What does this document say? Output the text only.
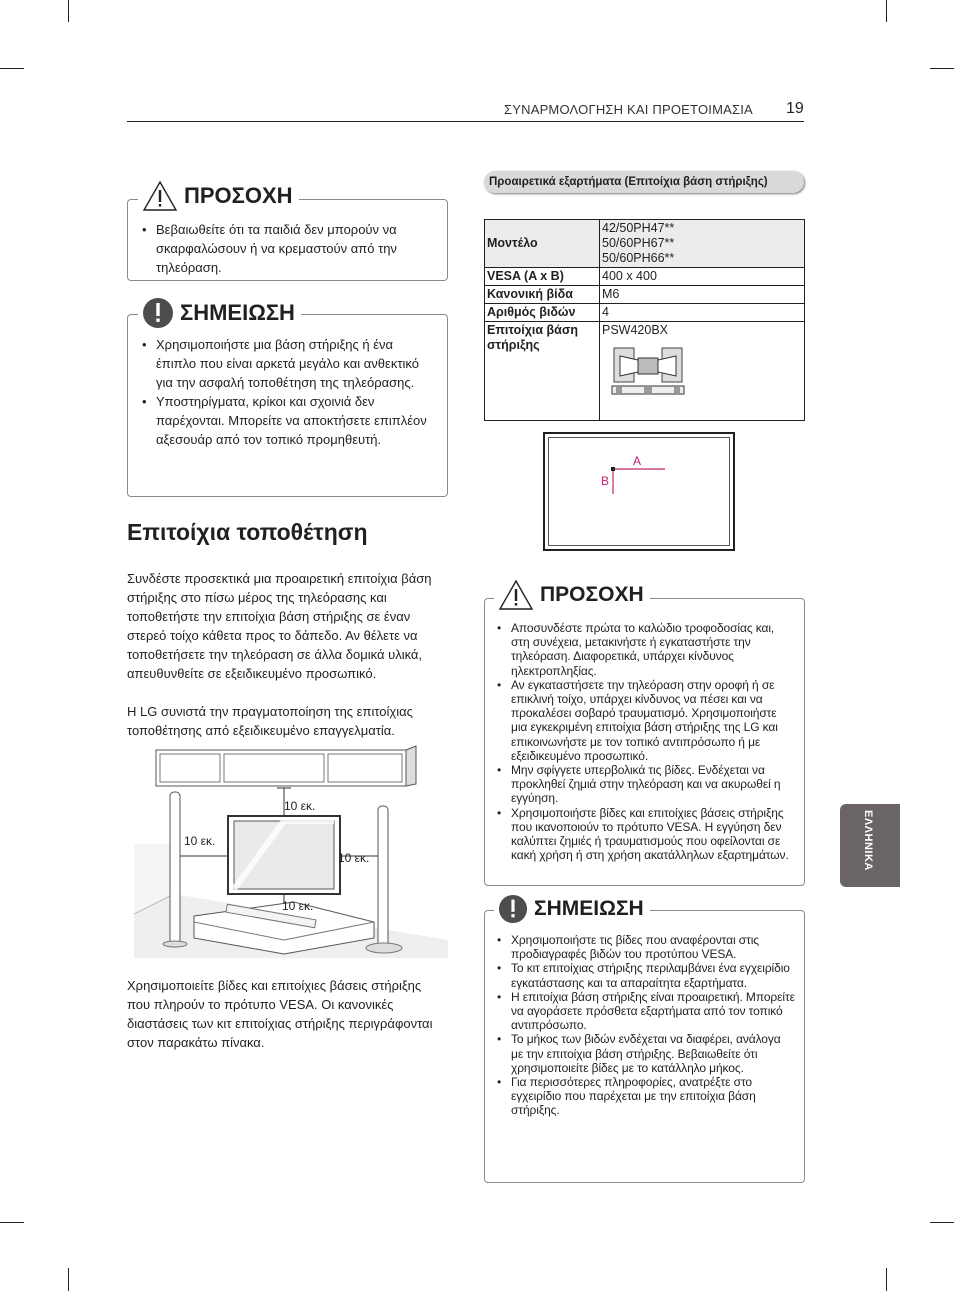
ΣΥΝΑΡΜΟΛΟΓΗΣΗ ΚΑΙ ΠΡΟΕΤΟΙΜΑΣΙΑ 19
• Βεβαιωθείτε ότι τα παιδιά δεν μπορούν να σκαρφαλώσουν ή να κρεμαστούν από την τηλεόραση.
ΠΡΟΣΟΧΗ
• Χρησιμοποιήστε μια βάση στήριξης ή ένα έπιπλο που είναι αρκετά μεγάλο και ανθεκτικό για την ασφαλή τοποθέτηση της τηλεόρασης.
• Υποστηρίγματα, κρίκοι και σχοινιά δεν παρέχονται. Μπορείτε να αποκτήσετε επιπλέον αξεσουάρ από τον τοπικό προμηθευτή.
ΣΗΜΕΙΩΣΗ
Επιτοίχια τοποθέτηση
Συνδέστε προσεκτικά μια προαιρετική επιτοίχια βάση στήριξης στο πίσω μέρος της τηλεόρασης και τοποθετήστε την επιτοίχια βάση στήριξης σε έναν στερεό τοίχο κάθετα προς το δάπεδο. Αν θέλετε να τοποθετήσετε την τηλεόραση σε άλλα δομικά υλικά, απευθυνθείτε σε εξειδικευμένο προσωπικό.
Η LG συνιστά την πραγματοποίηση της επιτοίχιας τοποθέτησης από εξειδικευμένο επαγγελματία.
10 εκ.
10 εκ.
10 εκ.
10 εκ.
Χρησιμοποιείτε βίδες και επιτοίχιες βάσεις στήριξης που πληρούν το πρότυπο VESA. Οι κανονικές διαστάσεις των κιτ επιτοίχιας στήριξης περιγράφονται στον παρακάτω πίνακα.
Προαιρετικά εξαρτήματα (Επιτοίχια βάση στήριξης)
Μοντέλο	42/50PH47**
50/60PH67**
50/60PH66**

VESA (A x B)	400 x 400
Κανονική βίδα	M6
Αριθμός βιδών	4
Επιτοίχια βάση στήριξης	PSW420BX
A
B
• Αποσυνδέστε πρώτα το καλώδιο τροφοδοσίας και, στη συνέχεια, μετακινήστε ή εγκαταστήστε την τηλεόραση. Διαφορετικά, υπάρχει κίνδυνος ηλεκτροπληξίας.
• Αν εγκαταστήσετε την τηλεόραση στην οροφή ή σε επικλινή τοίχο, υπάρχει κίνδυνος να πέσει και να προκαλέσει σοβαρό τραυματισμό. Χρησιμοποιήστε μια εγκεκριμένη επιτοίχια βάση στήριξης της LG και επικοινωνήστε με τον τοπικό αντιπρόσωπο ή με εξειδικευμένο προσωπικό.
• Μην σφίγγετε υπερβολικά τις βίδες. Ενδέχεται να προκληθεί ζημιά στην τηλεόραση και να ακυρωθεί η εγγύηση.
• Χρησιμοποιήστε βίδες και επιτοίχιες βάσεις στήριξης που ικανοποιούν το πρότυπο VESA. Η εγγύηση δεν καλύπτει ζημιές ή τραυματισμούς που οφείλονται σε κακή χρήση ή στη χρήση ακατάλληλων εξαρτημάτων.
ΠΡΟΣΟΧΗ
• Χρησιμοποιήστε τις βίδες που αναφέρονται στις προδιαγραφές βιδών του προτύπου VESA.
• Το κιτ επιτοίχιας στήριξης περιλαμβάνει ένα εγχειρίδιο εγκατάστασης και τα απαραίτητα εξαρτήματα.
• Η επιτοίχια βάση στήριξης είναι προαιρετική. Μπορείτε να αγοράσετε πρόσθετα εξαρτήματα από τον τοπικό αντιπρόσωπο.
• Το μήκος των βιδών ενδέχεται να διαφέρει, ανάλογα με την επιτοίχια βάση στήριξης. Βεβαιωθείτε ότι χρησιμοποιείτε βίδες με το κατάλληλο μήκος.
• Για περισσότερες πληροφορίες, ανατρέξτε στο εγχειρίδιο που παρέχεται με την επιτοίχια βάση στήριξης.
ΣΗΜΕΙΩΣΗ
ΕΛΛΗΝΙΚΑ
